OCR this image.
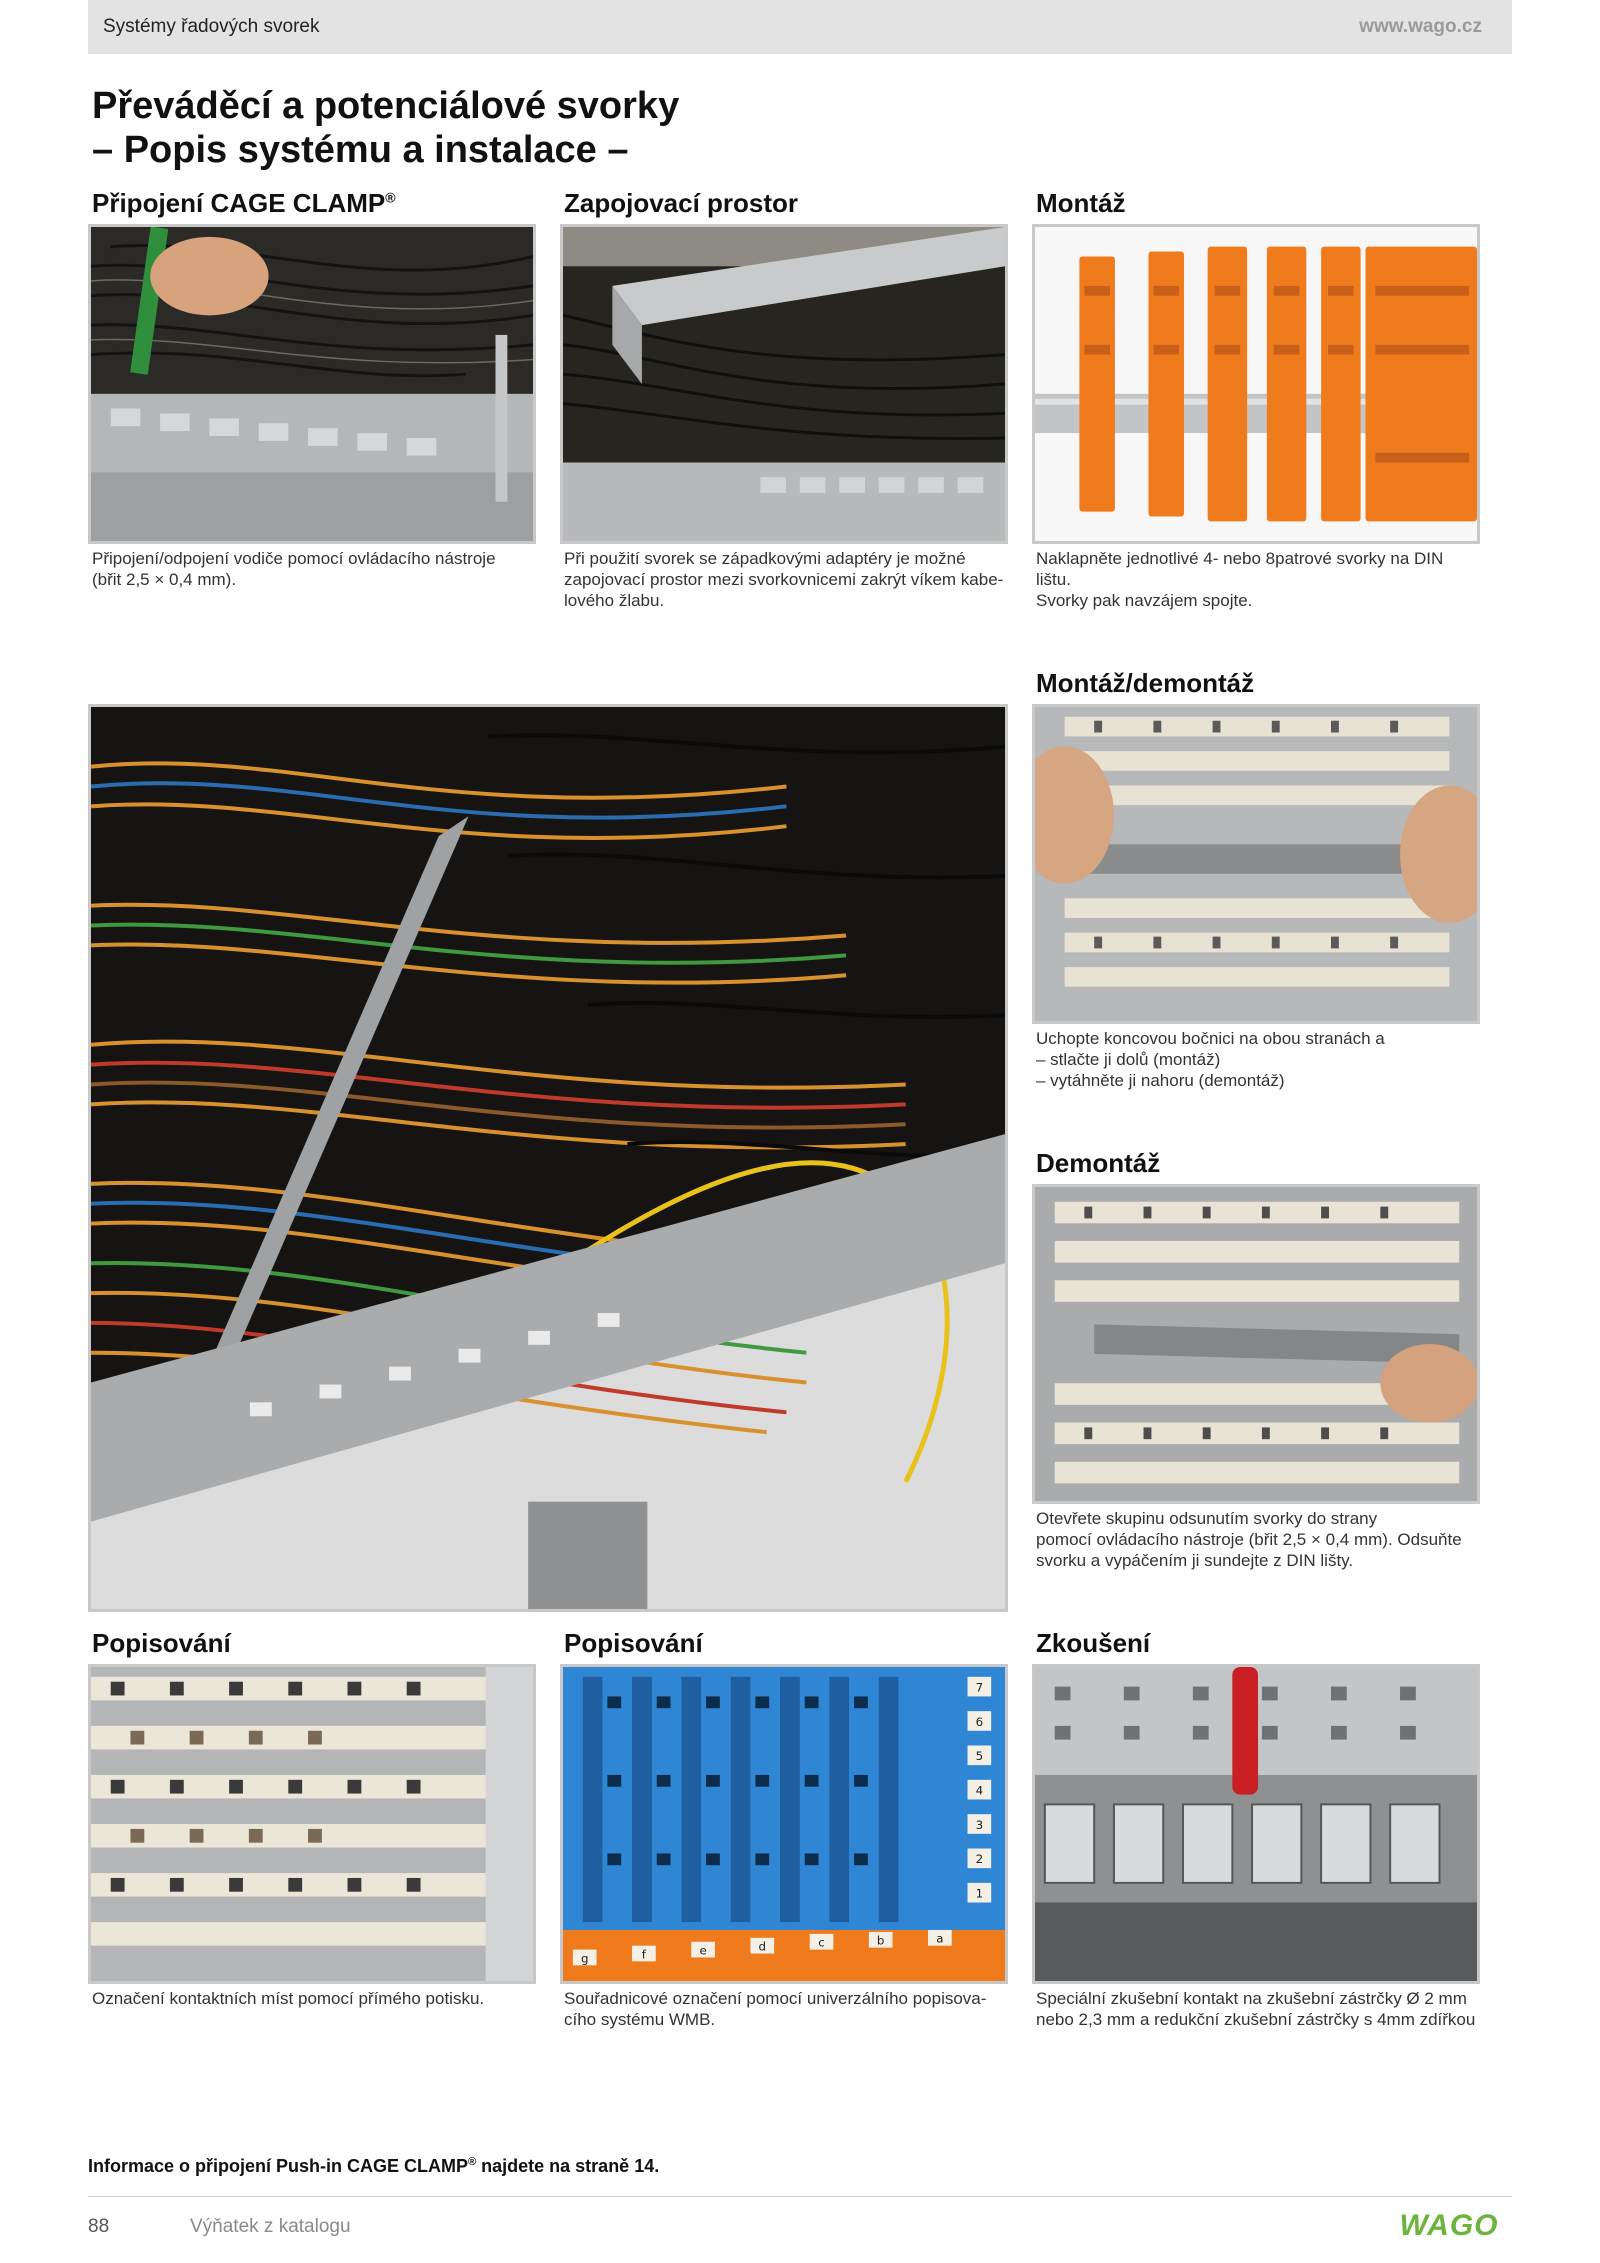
Systémy řadových svorek	www.wago.cz
Převáděcí a potenciálové svorky
– Popis systému a instalace –
Připojení CAGE CLAMP®	Zapojovací prostor	Montáž
Připojení/odpojení vodiče pomocí ovládacího nástroje
(břit 2,5 × 0,4 mm).
Při použití svorek se západkovými adaptéry je možné
zapojovací prostor mezi svorkovnicemi zakrýt víkem kabe-
lového žlabu.
Naklapněte jednotlivé 4- nebo 8patrové svorky na DIN
lištu.
Svorky pak navzájem spojte.
Montáž/demontáž
Uchopte koncovou bočnici na obou stranách a
– stlačte ji dolů (montáž)
– vytáhněte ji nahoru (demontáž)
Demontáž
Otevřete skupinu odsunutím svorky do strany
pomocí ovládacího nástroje (břit 2,5 × 0,4 mm). Odsuňte
svorku a vypáčením ji sundejte z DIN lišty.
Popisování	Popisování	Zkoušení
g	f	e	d	c	b	a
7
6
5
4
3
2
1
Označení kontaktních míst pomocí přímého potisku.	Souřadnicové označení pomocí univerzálního popisova-
cího systému WMB.
Speciální zkušební kontakt na zkušební zástrčky Ø 2 mm
nebo 2,3 mm a redukční zkušební zástrčky s 4mm zdířkou
Informace o připojení Push-in CAGE CLAMP® najdete na straně 14.
88	Výňatek z katalogu	WAGO
